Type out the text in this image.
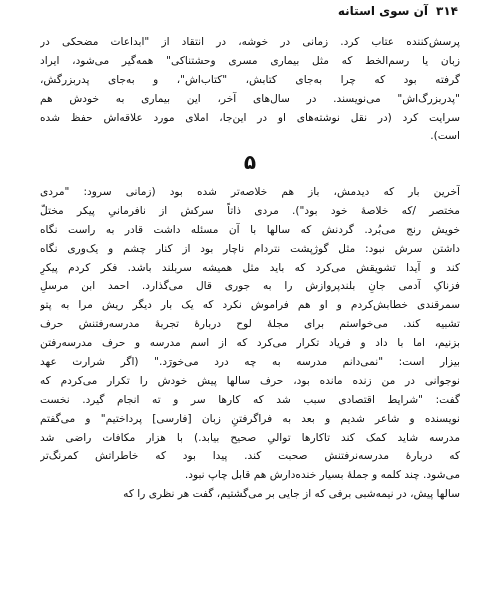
۳۱۴
آن سوی استانه
پرسش‌کننده عتاب کرد. زمانی در خوشه، در انتقاد از "ابداعات مضحکی در
زبان یا رسم‌الخط که مثل بیماری مسری وحشتناکی" همه‌گیر می‌شود، ایراد
گرفته بود که چرا به‌جای کتابش، "کتاب‌اش"، و به‌جای پدربزرگش،
"پدربزرگ‌اش" می‌نویسند. در سال‌های آخر، این بیماری به خودش هم
سرایت کرد (در نقل نوشته‌های او در این‌جا، املای مورد علاقه‌اش حفظ شده
است).
۵
آخرین بار که دیدمش، باز هم خلاصه‌تر شده بود (زمانی سرود: "مردی
مختصر /که خلاصهٔ خود بود"). مردی ذاتاً سرکش از نافرمانیِ پیکر مختلّ
خویش رنج می‌بُرد. گردنش که سالها با آن مسئله داشت قادر به راست نگاه
داشتن سرش نبود: مثل گوژپشت نتردام ناچار بود از کنار چشم و یک‌وری نگاه
کند و آیدا تشویقش می‌کرد که باید مثل همیشه سربلند باشد. فکر کردم پیکرِ
فزناکِ آدمی جانِ بلندپروازش را به جوری قال می‌گذارد. احمد ابن مرسلِ
سمرقندی خطابش‌کردم و او هم فراموش نکرد که یک بار دیگر ریش مرا به پتو
تشبیه کند. می‌خواستم برای مجلهٔ لوح دربارهٔ تجربهٔ مدرسه‌رفتنش حرف
بزنیم، اما با داد و فریاد تکرار می‌کرد که از اسم مدرسه و حرف مدرسه‌رفتن
بیزار است: "نمی‌دانم مدرسه به چه درد می‌خورَد." (اگر شرارت عهد
نوجوانی در من زنده مانده بود، حرف سالها پیش خودش را تکرار می‌کردم که
گفت: "شرایط اقتصادی سبب شد که کارها سر و ته انجام گیرد. نخست
نویسنده و شاعر شدیم و بعد به فراگرفتنِ زبان [فارسی] پرداختیم" و می‌گفتم
مدرسه شاید کمک کند تاکارها توالیِ صحیح بیابد.) با هزار مکافات راضی شد
که دربارهٔ مدرسه‌نرفتنش صحبت کند. پیدا بود که خاطراتش کمرنگ‌تر
می‌شود. چند کلمه و جملهٔ بسیار خنده‌دارش هم قابل چاپ نبود.
سالها پیش، در نیمه‌شبی برفی که از جایی بر می‌گشتیم، گفت هر نظری را که
